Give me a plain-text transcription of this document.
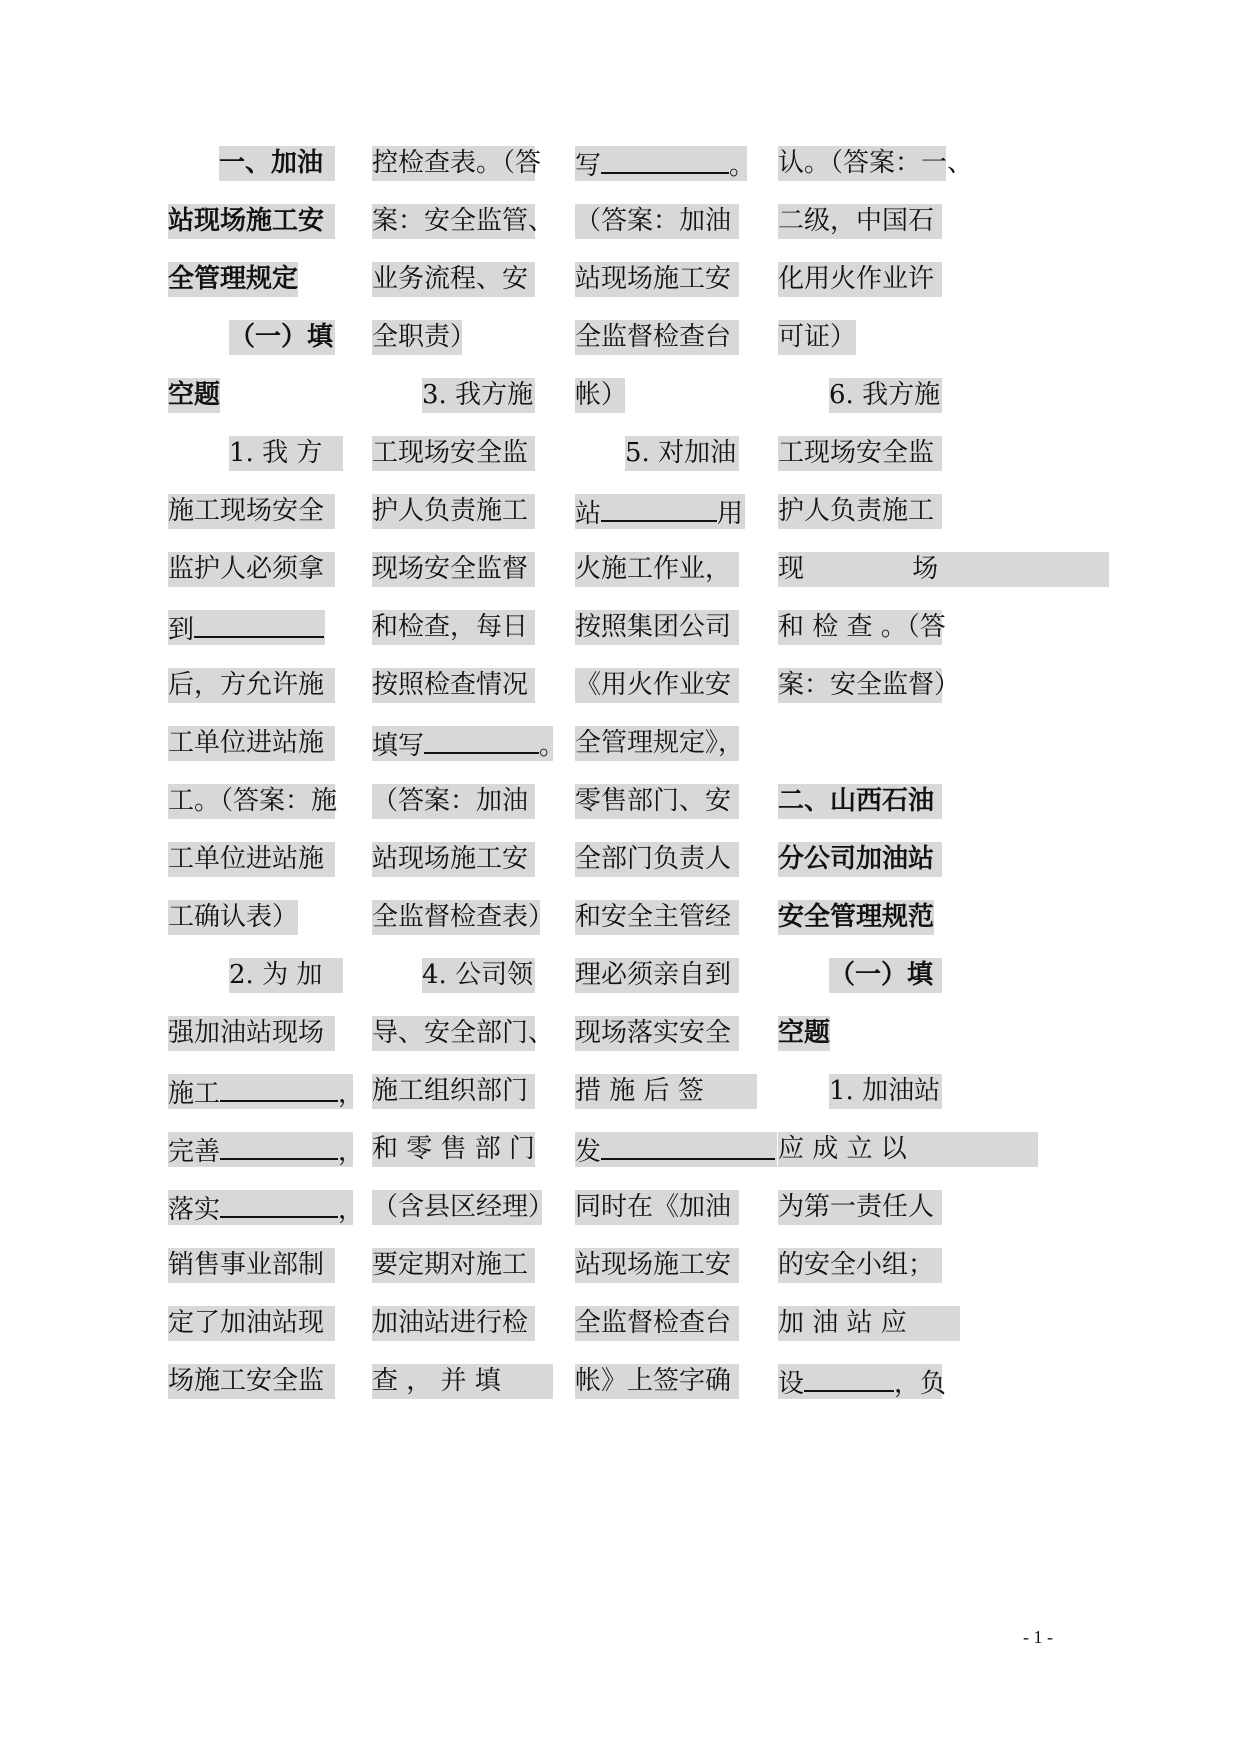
一、加油
站现场施工安
全管理规定
（一）填
空题
1. 我 方
施工现场安全
监护人必须拿
到
后，方允许施
工单位进站施
工。（答案：施
工单位进站施
工确认表）
2. 为 加
强加油站现场
施工	，
完善	，
落实	，
销售事业部制
定了加油站现
场施工安全监
控检查表。（答
案：安全监管、
业务流程、安
全职责）
3. 我方施
工现场安全监
护人负责施工
现场安全监督
和检查，每日
按照检查情况
填写	。
（答案：加油
站现场施工安
全监督检查表）
4. 公司领
导、安全部门、
施工组织部门
和 零 售 部 门
（含县区经理）
要定期对施工
加油站进行检
查 ， 并 填
写	。
（答案：加油
站现场施工安
全监督检查台
帐）
5. 对加油
站	用
火施工作业，
按照集团公司
《用火作业安
全管理规定》，
零售部门、安
全部门负责人
和安全主管经
理必须亲自到
现场落实安全
措 施 后 签
发
同时在《加油
站现场施工安
全监督检查台
帐》上签字确
认。（答案：一、
二级，中国石
化用火作业许
可证）
6. 我方施
工现场安全监
护人负责施工
现 场
和 检 查 。（答
案：安全监督）
二、山西石油
分公司加油站
安全管理规范
（一）填
空题
1. 加油站
应 成 立 以
为第一责任人
的安全小组；
加 油 站 应
设	，负
- 1 -
